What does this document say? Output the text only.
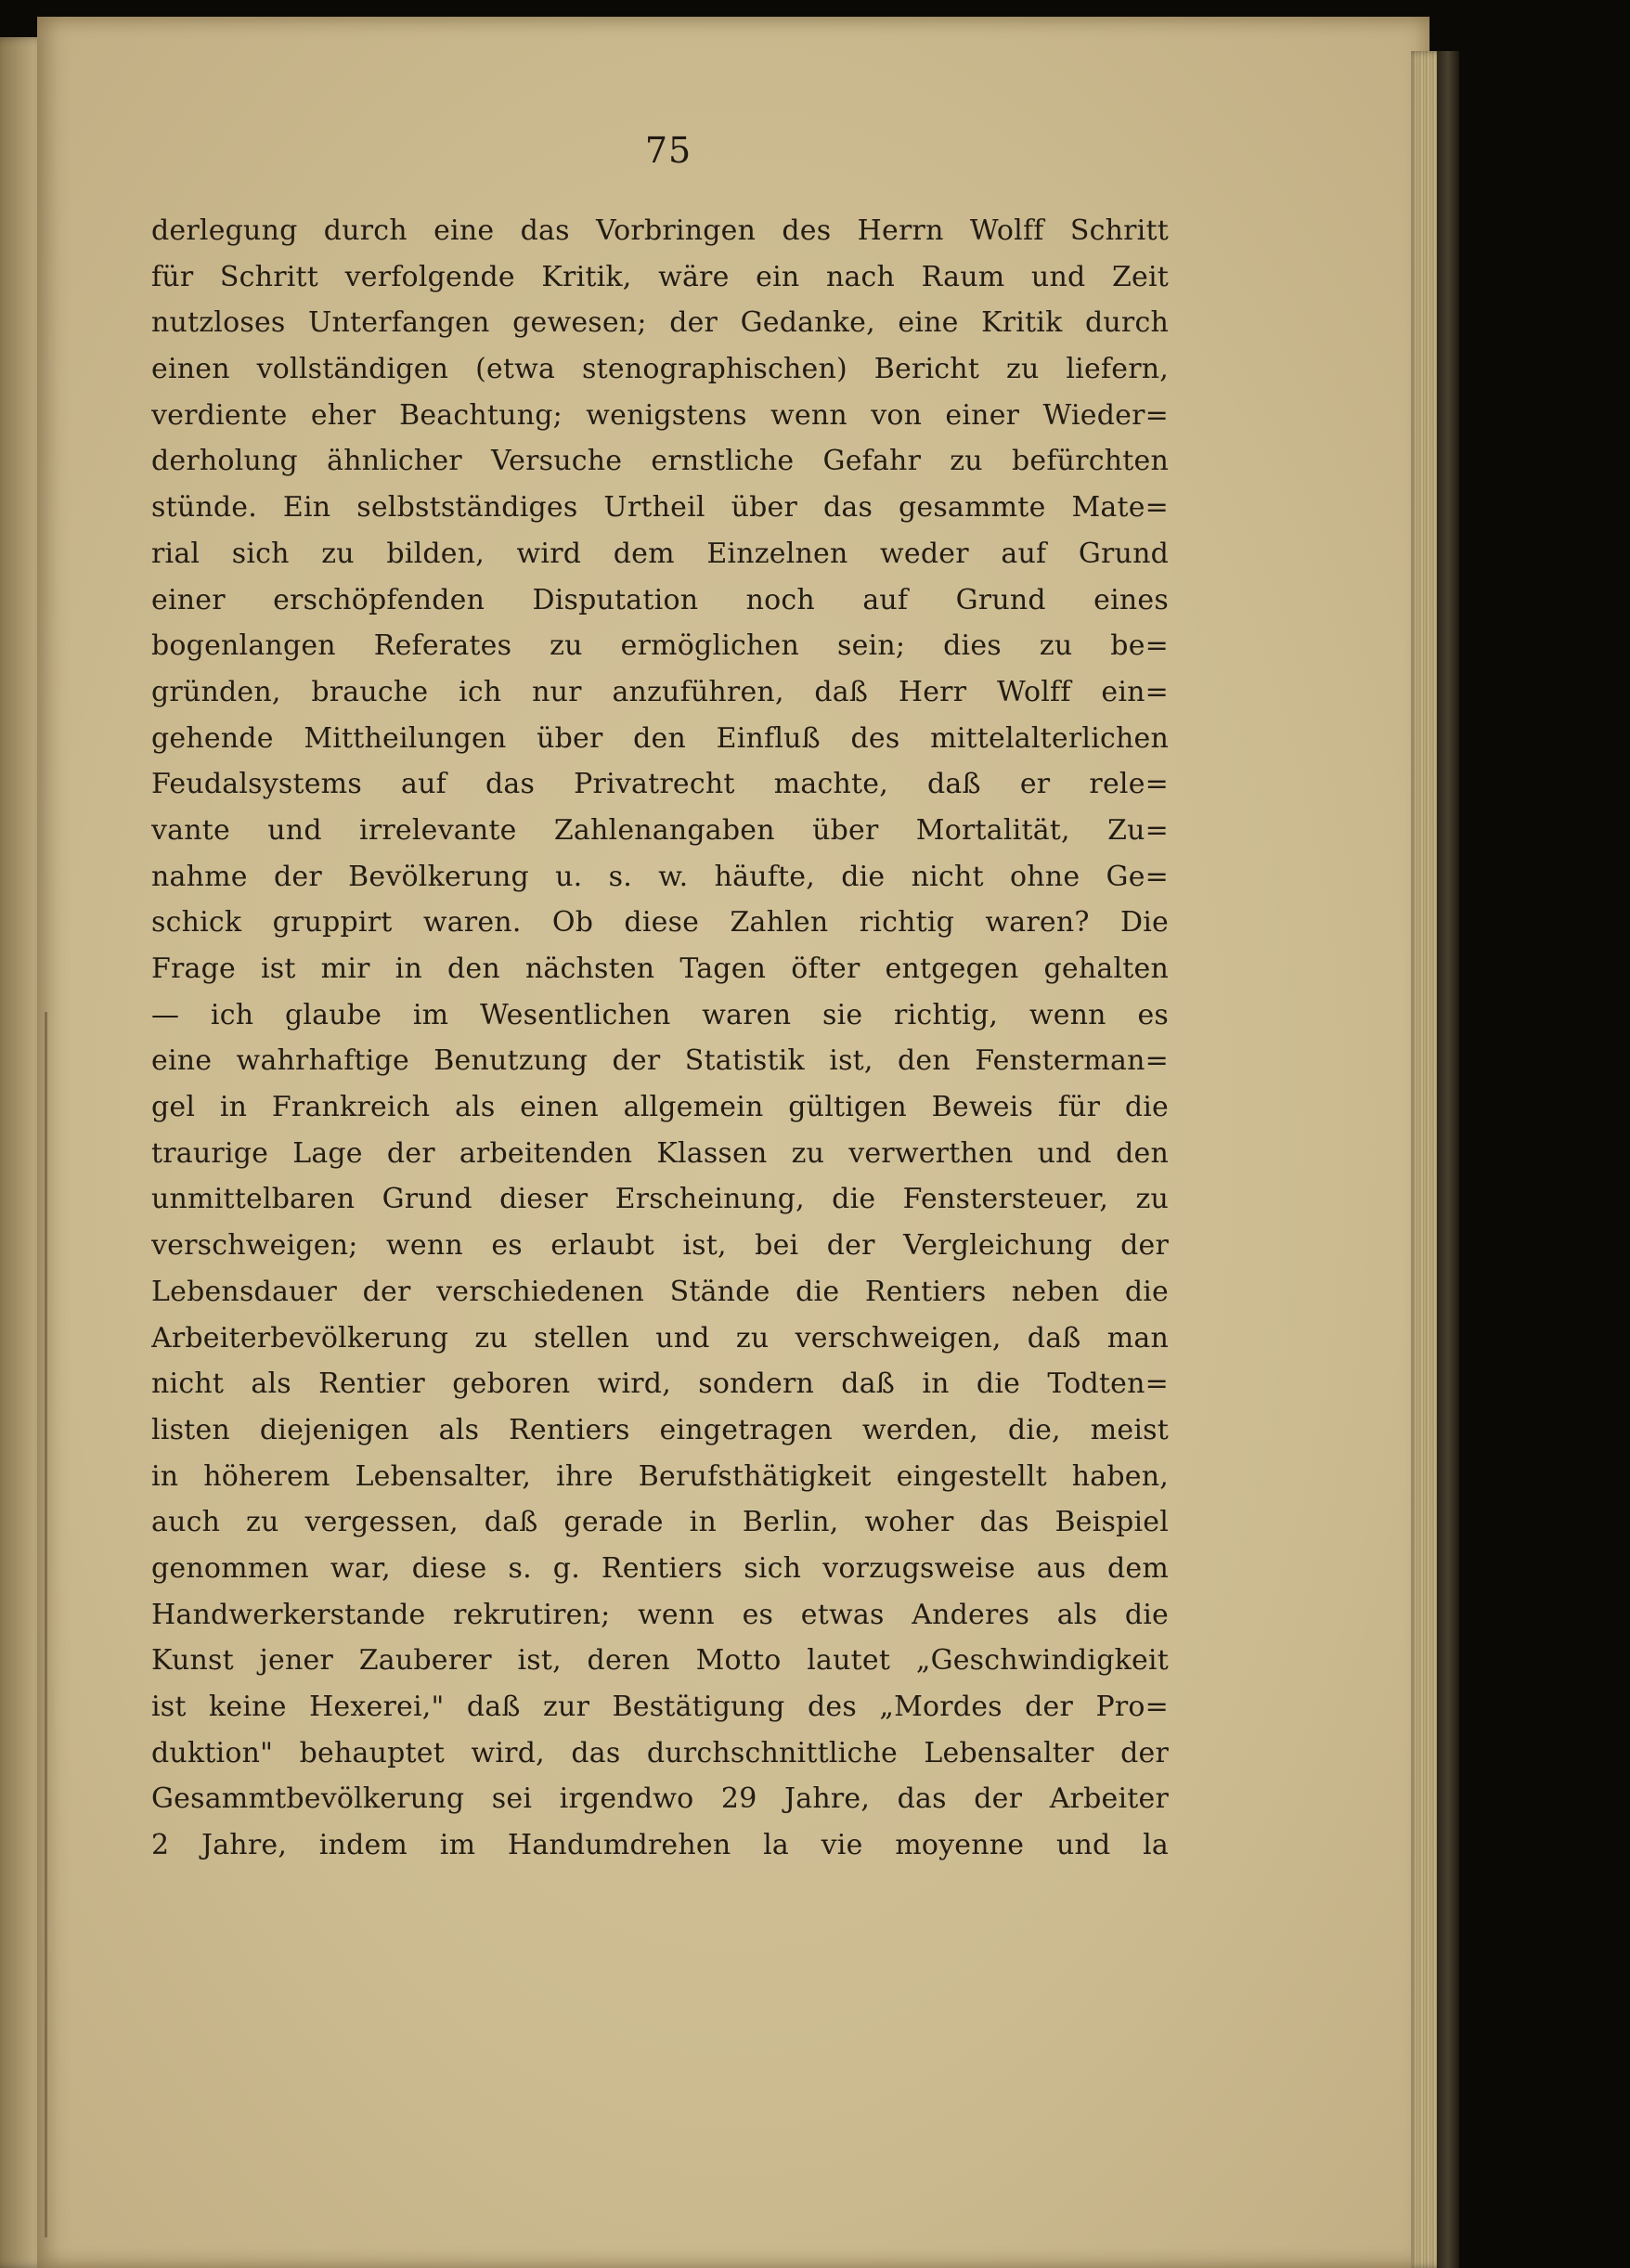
75
derlegung durch eine das Vorbringen des Herrn Wolff Schritt
für Schritt verfolgende Kritik, wäre ein nach Raum und Zeit
nutzloses Unterfangen gewesen; der Gedanke, eine Kritik durch
einen vollständigen (etwa stenographischen) Bericht zu liefern,
verdiente eher Beachtung; wenigstens wenn von einer Wieder=
derholung ähnlicher Versuche ernstliche Gefahr zu befürchten
stünde. Ein selbstständiges Urtheil über das gesammte Mate=
rial sich zu bilden, wird dem Einzelnen weder auf Grund
einer erschöpfenden Disputation noch auf Grund eines
bogenlangen Referates zu ermöglichen sein; dies zu be=
gründen, brauche ich nur anzuführen, daß Herr Wolff ein=
gehende Mittheilungen über den Einfluß des mittelalterlichen
Feudalsystems auf das Privatrecht machte, daß er rele=
vante und irrelevante Zahlenangaben über Mortalität, Zu=
nahme der Bevölkerung u. s. w. häufte, die nicht ohne Ge=
schick gruppirt waren. Ob diese Zahlen richtig waren? Die
Frage ist mir in den nächsten Tagen öfter entgegen gehalten
— ich glaube im Wesentlichen waren sie richtig, wenn es
eine wahrhaftige Benutzung der Statistik ist, den Fensterman=
gel in Frankreich als einen allgemein gültigen Beweis für die
traurige Lage der arbeitenden Klassen zu verwerthen und den
unmittelbaren Grund dieser Erscheinung, die Fenstersteuer, zu
verschweigen; wenn es erlaubt ist, bei der Vergleichung der
Lebensdauer der verschiedenen Stände die Rentiers neben die
Arbeiterbevölkerung zu stellen und zu verschweigen, daß man
nicht als Rentier geboren wird, sondern daß in die Todten=
listen diejenigen als Rentiers eingetragen werden, die, meist
in höherem Lebensalter, ihre Berufsthätigkeit eingestellt haben,
auch zu vergessen, daß gerade in Berlin, woher das Beispiel
genommen war, diese s. g. Rentiers sich vorzugsweise aus dem
Handwerkerstande rekrutiren; wenn es etwas Anderes als die
Kunst jener Zauberer ist, deren Motto lautet „Geschwindigkeit
ist keine Hexerei," daß zur Bestätigung des „Mordes der Pro=
duktion" behauptet wird, das durchschnittliche Lebensalter der
Gesammtbevölkerung sei irgendwo 29 Jahre, das der Arbeiter
2 Jahre, indem im Handumdrehen la vie moyenne und la
